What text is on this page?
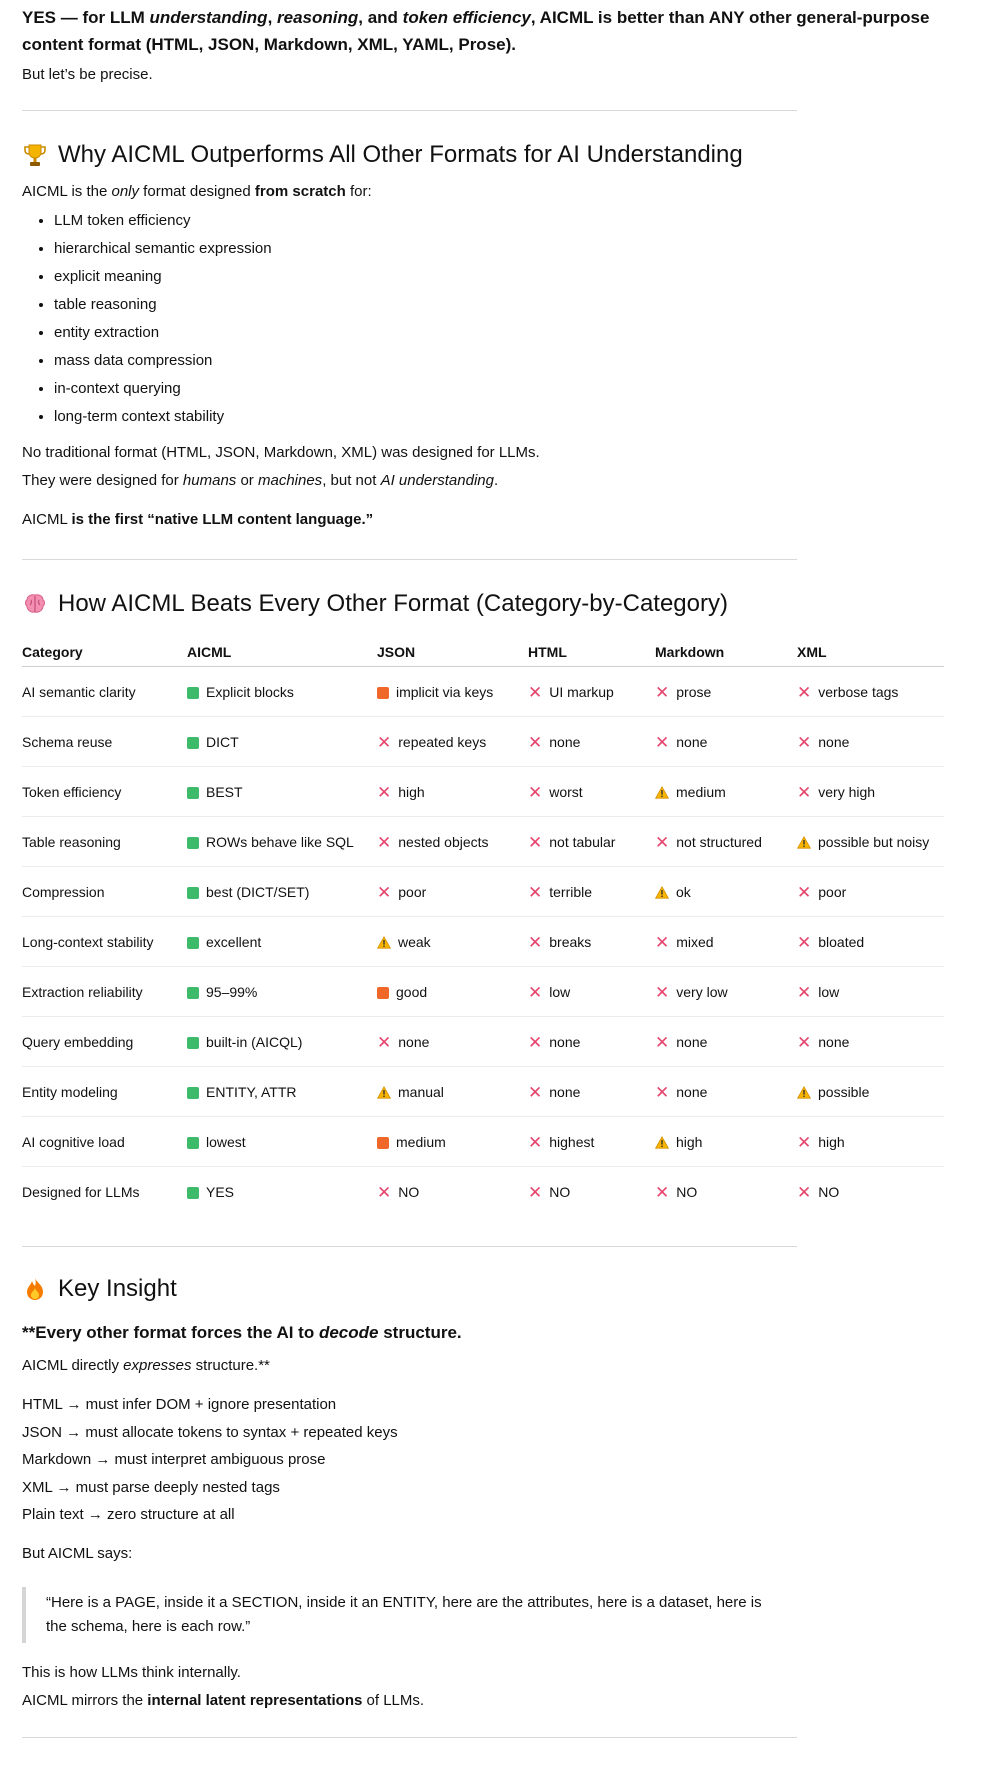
YES — for LLM understanding, reasoning, and token efficiency, AICML is better than ANY other general-purpose content format (HTML, JSON, Markdown, XML, YAML, Prose).

But let’s be precise.

Why AICML Outperforms All Other Formats for AI Understanding

AICML is the only format designed from scratch for:

• LLM token efficiency
• hierarchical semantic expression
• explicit meaning
• table reasoning
• entity extraction
• mass data compression
• in-context querying
• long-term context stability

No traditional format (HTML, JSON, Markdown, XML) was designed for LLMs.

They were designed for humans or machines, but not AI understanding.

AICML is the first “native LLM content language.”

How AICML Beats Every Other Format (Category-by-Category)
Category	AICML	JSON	HTML	Markdown	XML
AI semantic clarity	Explicit blocks	implicit via keys	✕ UI markup	✕ prose	✕ verbose tags
Schema reuse	DICT	✕ repeated keys	✕ none	✕ none	✕ none
Token efficiency	BEST	✕ high	✕ worst	medium	✕ very high
Table reasoning	ROWs behave like SQL	✕ nested objects	✕ not tabular	✕ not structured	possible but noisy
Compression	best (DICT/SET)	✕ poor	✕ terrible	ok	✕ poor
Long-context stability	excellent	weak	✕ breaks	✕ mixed	✕ bloated
Extraction reliability	95–99%	good	✕ low	✕ very low	✕ low
Query embedding	built-in (AICQL)	✕ none	✕ none	✕ none	✕ none
Entity modeling	ENTITY, ATTR	manual	✕ none	✕ none	possible
AI cognitive load	lowest	medium	✕ highest	high	✕ high
Designed for LLMs	YES	✕ NO	✕ NO	✕ NO	✕ NO
Key Insight

**Every other format forces the AI to decode structure.

AICML directly expresses structure.**

HTML → must infer DOM + ignore presentation

JSON → must allocate tokens to syntax + repeated keys

Markdown → must interpret ambiguous prose

XML → must parse deeply nested tags

Plain text → zero structure at all

But AICML says:

“Here is a PAGE, inside it a SECTION, inside it an ENTITY, here are the attributes, here is a dataset, here is the schema, here is each row.”

This is how LLMs think internally.

AICML mirrors the internal latent representations of LLMs.
